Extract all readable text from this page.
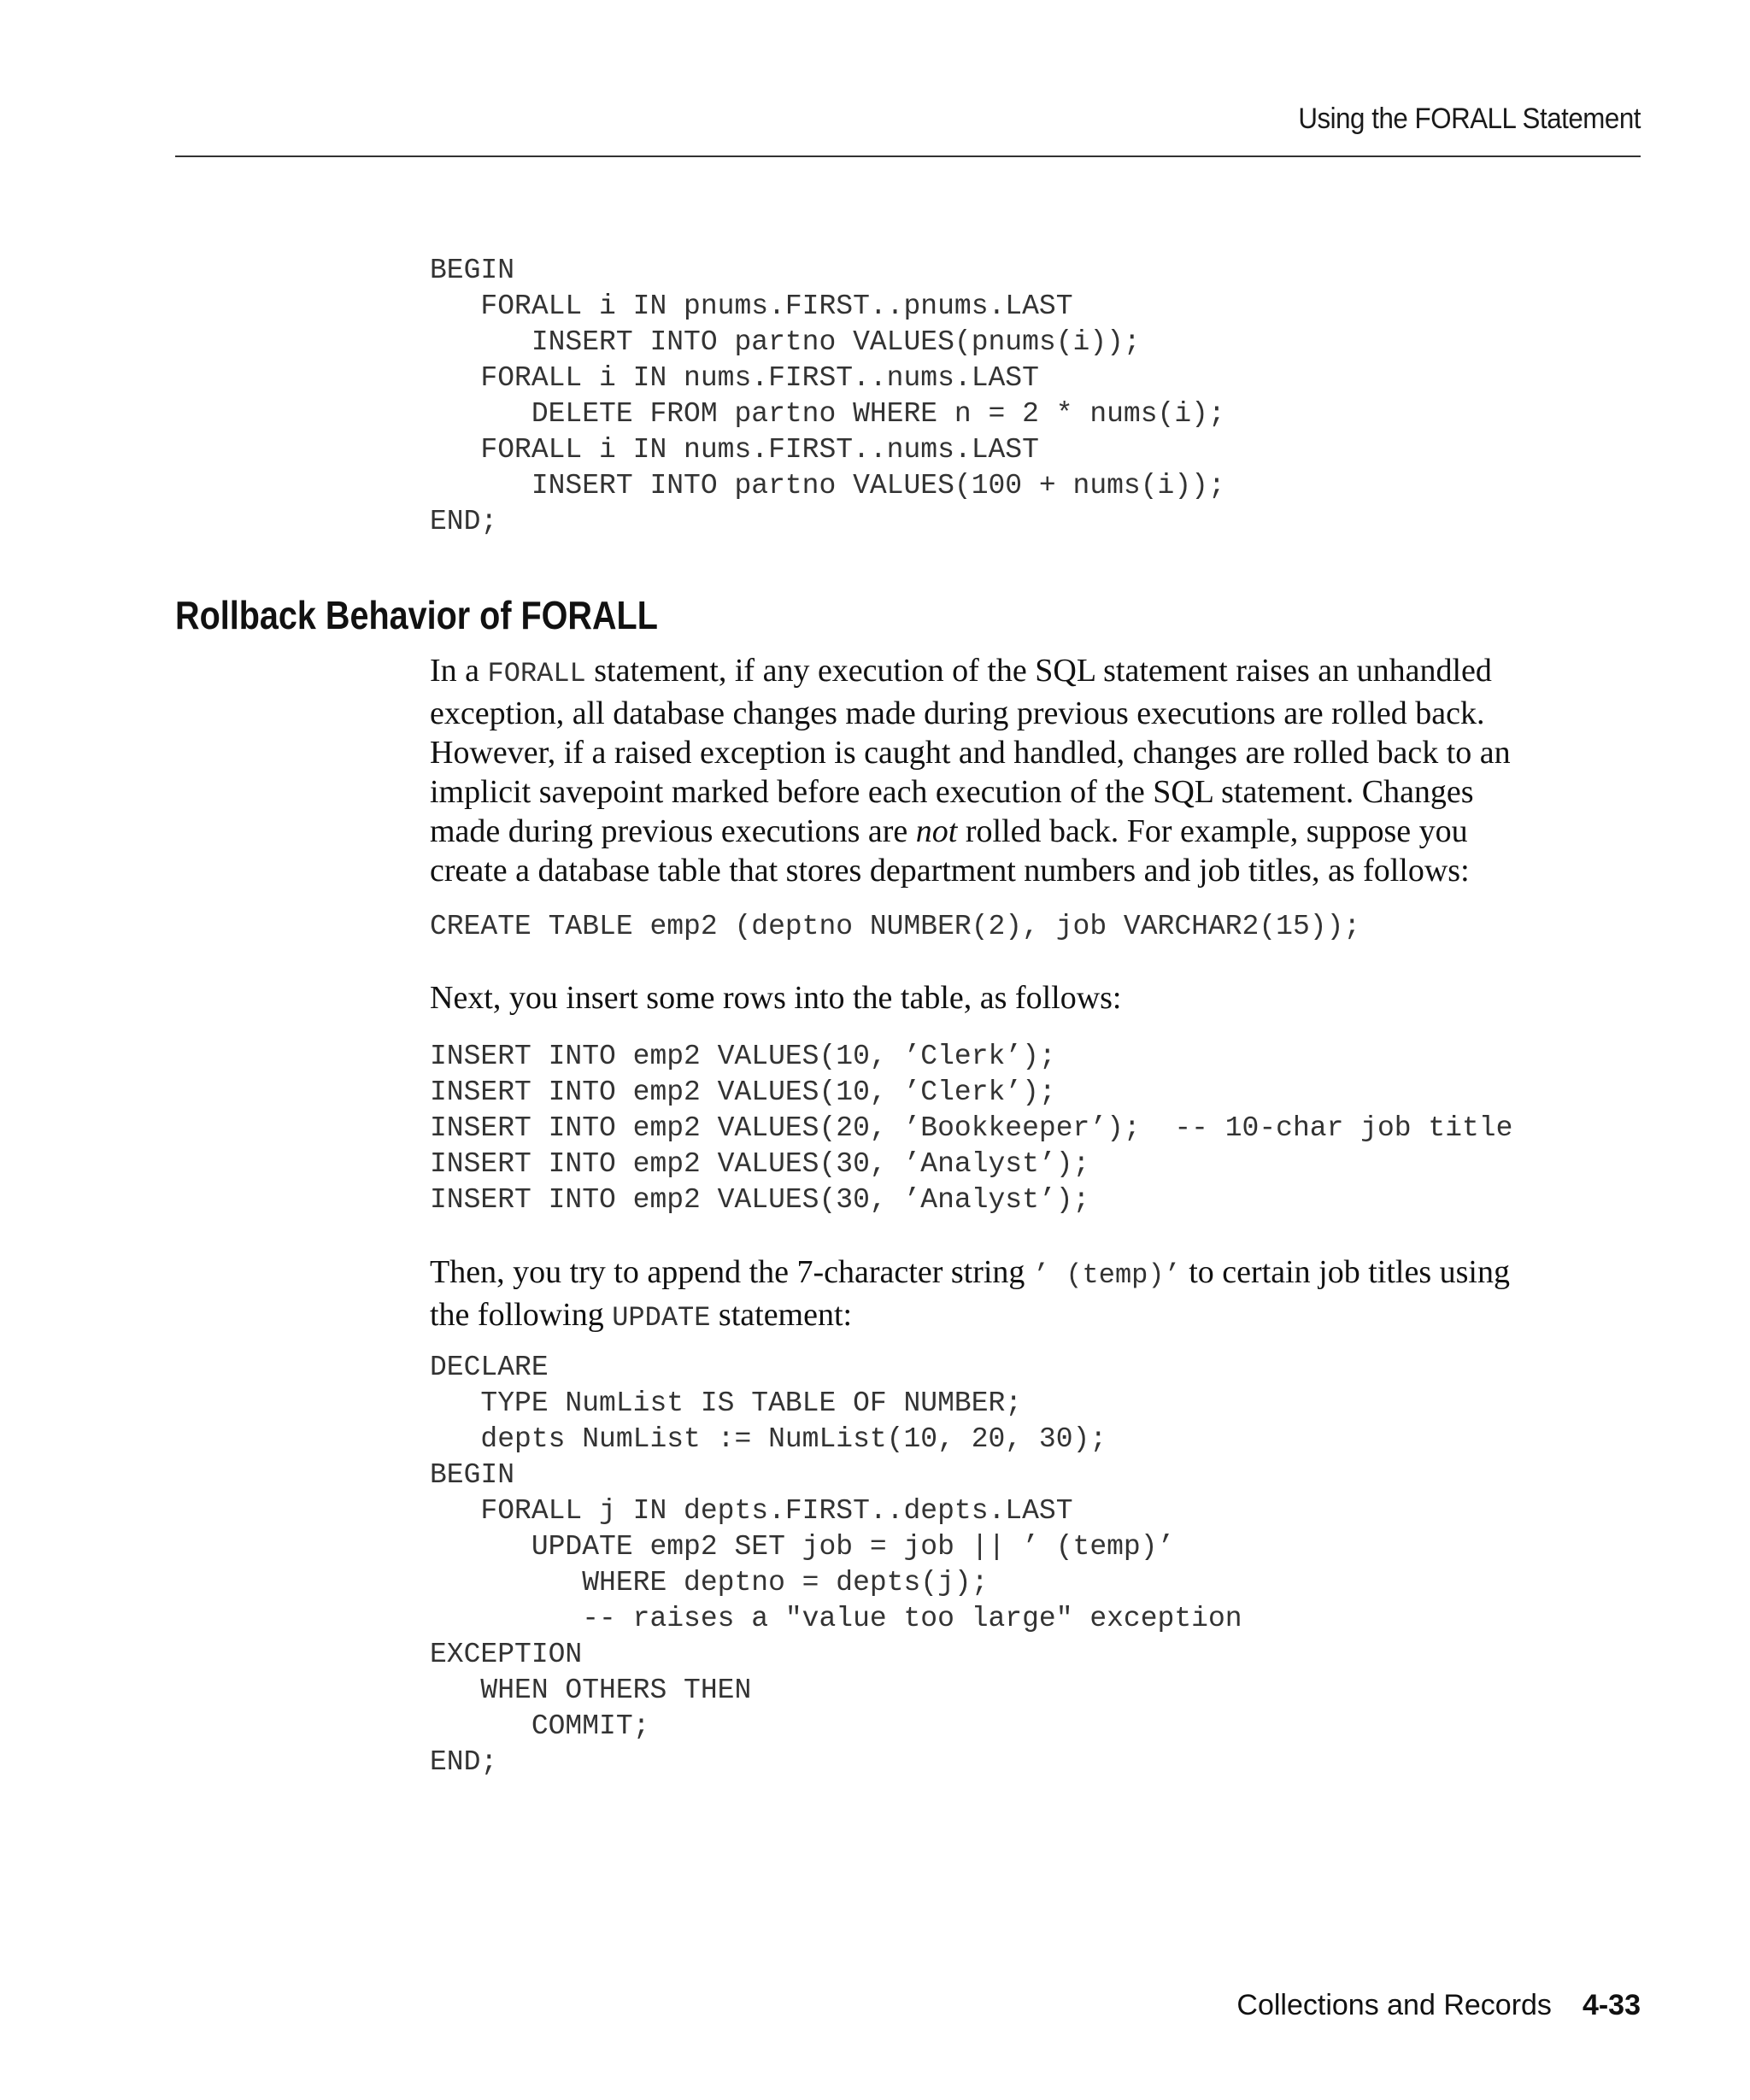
Using the FORALL Statement
BEGIN
FORALL i IN pnums.FIRST..pnums.LAST
INSERT INTO partno VALUES(pnums(i));
FORALL i IN nums.FIRST..nums.LAST
DELETE FROM partno WHERE n = 2 * nums(i);
FORALL i IN nums.FIRST..nums.LAST
INSERT INTO partno VALUES(100 + nums(i));
END;
Rollback Behavior of FORALL
In a FORALL statement, if any execution of the SQL statement raises an unhandled
exception, all database changes made during previous executions are rolled back.
However, if a raised exception is caught and handled, changes are rolled back to an
implicit savepoint marked before each execution of the SQL statement. Changes
made during previous executions are not rolled back. For example, suppose you
create a database table that stores department numbers and job titles, as follows:
CREATE TABLE emp2 (deptno NUMBER(2), job VARCHAR2(15));
Next, you insert some rows into the table, as follows:
INSERT INTO emp2 VALUES(10, ’Clerk’);
INSERT INTO emp2 VALUES(10, ’Clerk’);
INSERT INTO emp2 VALUES(20, ’Bookkeeper’);  -- 10-char job title
INSERT INTO emp2 VALUES(30, ’Analyst’);
INSERT INTO emp2 VALUES(30, ’Analyst’);
Then, you try to append the 7-character string ’ (temp)’ to certain job titles using
the following UPDATE statement:
DECLARE
TYPE NumList IS TABLE OF NUMBER;
depts NumList := NumList(10, 20, 30);
BEGIN
FORALL j IN depts.FIRST..depts.LAST
UPDATE emp2 SET job = job || ’ (temp)’
WHERE deptno = depts(j);
-- raises a "value too large" exception
EXCEPTION
WHEN OTHERS THEN
COMMIT;
END;
Collections and Records 4-33
